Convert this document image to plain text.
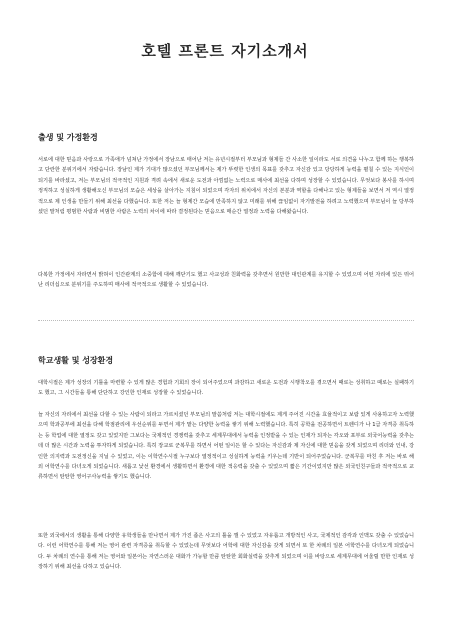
호텔 프론트 자기소개서
출생 및 가정환경

서로에 대한 믿음과 사랑으로 가족애가 넘쳐난 가정에서 장남으로 태어난 저는 유년시절부터 부모님과 형제들 간 사소한 일이라도 서로 의견을 나누고 함께 하는 행복하고 단란한 분위기에서 자랐습니다. 장남인 제가 기대가 많으셨던 부모님께서는 제가 뚜렷한 인생의 목표를 갖추고 자신감 있고 당당하게 능력을 펼칠 수 있는 지식인이 되기를 바라셨고, 저는 부모님의 적극적인 지원과 격려 속에서 새로운 도전과 아낌없는 노력으로 매사에 최선을 다하며 성장할 수 있었습니다. 무엇보다 봉사를 하시며 정직하고 성실하게 생활해오신 부모님의 모습은 세상을 살아가는 지침이 되었으며 각자의 위치에서 자신의 본분과 역할을 다해나고 있는 형제들을 보면서 저 역시 열정적으로 제 인생을 만들기 위해 최선을 다했습니다. 또한 저는 늘 형제간 모습에 만족하지 않고 미래를 위해 끊임없이 자기발전을 하려고 노력했으며 부모님이 늘 당부하셨던 말처럼 평범한 사람과 비범한 사람은 노력의 차이에 따라 결정된다는 믿음으로 매순간 열정과 노력을 다해왔습니다.

다복한 가정에서 자라면서 밝혀이 인간관계의 소중함에 대해 깨닫기도 했고 사교성과 친화력을 갖추면서 원만한 대인관계를 유지할 수 있었으며 어떤 자리에 있든 뛰어난 리더십으로 분위기를 주도하며 매사에 적극적으로 생활할 수 있었습니다.

학교생활 및 성장환경

대학시절은 제가 성장의 기틀을 마련할 수 있게 많은 경험과 기회의 장이 되어주었으며 과감하고 새로운 도전과 시행착오를 겪으면서 때로는 성취하고 때로는 실패하기도 했고, 그 시간들을 통해 단단하고 강인한 인재로 성장할 수 있었습니다.

늘 자신의 자리에서 최선을 다할 수 있는 사람이 되라고 가르치셨던 부모님의 말씀처럼 저는 대학시절에도 제게 주어진 시간을 효율적이고 보람 있게 사용하고자 노력했으며 학과공부에 최선을 다해 학점관리에 우선순위를 두면서 제가 맡는 다양한 능력을 쌓기 위해 노력했습니다. 특히 공학을 전공하면서 트렌디가 나 1급 자격증 취득하는 등 학업에 대한 열정도 갖고 있었지만 그보다는 국제적인 경쟁력을 갖추고 세계무대에서 능력을 인정받을 수 있는 인재가 되자는 각오와 포부로 외국어능력을 갖추는데 더 많은 시간과 노력을 투자하게 되었습니다. 특히 장교로 군복무를 하면서 어떤 일이든 할 수 있다는 자신감과 제 자신에 대한 믿음을 갖게 되었으며 리더와 인내, 강인한 의지력과 도전정신을 지닐 수 있었고, 이는 이학연수시절 누구보다 열정적이고 성실하게 능력을 키우는데 기반이 되어주었습니다. 군복무를 마친 후 저는 바로 해외 어학연수를 다녀오게 되었습니다. 새롭고 낯선 환경에서 생활하면서 환경에 대한 적응력을 갖출 수 있었으며 짧은 기간이었지만 많은 외국인친구들과 적극적으로 교류하면서 탄탄한 영어구사능력을 쌓기도 했습니다.

또한 외국에서의 생활을 통해 다양한 유학생들을 만나면서 제가 가진 좁은 사고의 틀을 깰 수 있었고 자유롭고 개방적인 사고, 국제적인 감각과 인맥도 갖출 수 있었습니다. 이런 어학연수를 통해 저는 영어 관련 자격증을 취득할 수 있었는데 무엇보다 어학에 대한 자신감을 갖게 되면서 또 한 차례의 일본 어학연수를 다녀오게 되었습니다. 두 차례의 연수를 통해 저는 영어와 일본어는 자연스러운 대화가 가능할 만큼 탄탄한 회화실력을 갖추게 되었으며 이를 바탕으로 세계무대에 어울릴 만한 인재로 성장하기 위해 최선을 다하고 있습니다.
